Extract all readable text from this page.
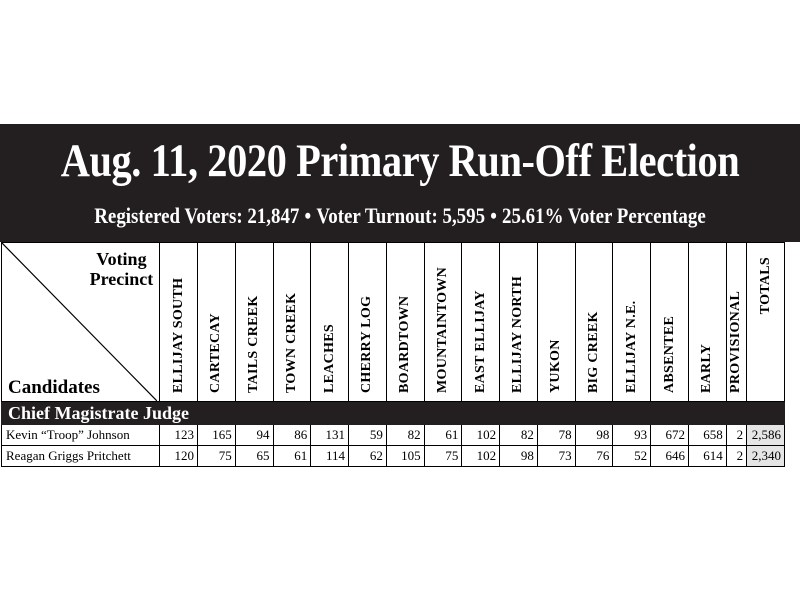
Aug. 11, 2020 Primary Run-Off Election
Registered Voters: 21,847 • Voter Turnout: 5,595 • 25.61% Voter Percentage
Voting
Precinct
Candidates	ELLIJAY SOUTH	CARTECAY	TAILS CREEK	TOWN CREEK	LEACHES	CHERRY LOG	BOARDTOWN	MOUNTAINTOWN	EAST ELLIJAY	ELLIJAY NORTH	YUKON	BIG CREEK	ELLIJAY N.E.	ABSENTEE	EARLY	PROVISIONAL	TOTALS

Chief Magistrate Judge																	
Kevin “Troop” Johnson	123	165	94	86	131	59	82	61	102	82	78	98	93	672	658	2	2,586
Reagan Griggs Pritchett	120	75	65	61	114	62	105	75	102	98	73	76	52	646	614	2	2,340
